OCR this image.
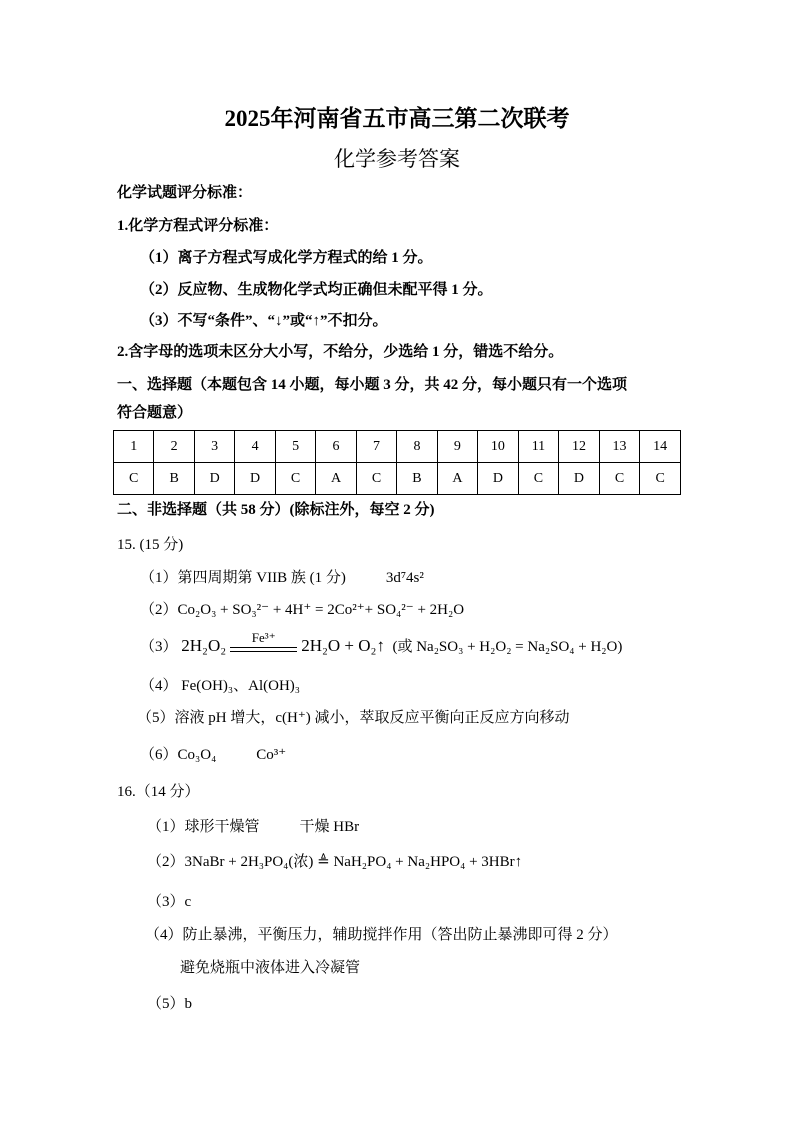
2025年河南省五市高三第二次联考
化学参考答案
化学试题评分标准：
1.化学方程式评分标准：
（1）离子方程式写成化学方程式的给 1 分。
（2）反应物、生成物化学式均正确但未配平得 1 分。
（3）不写“条件”、“↓”或“↑”不扣分。
2.含字母的选项未区分大小写，不给分，少选给 1 分，错选不给分。
一、选择题（本题包含 14 小题，每小题 3 分，共 42 分，每小题只有一个选项
符合题意）
1	2	3	4	5	6	7	8	9	10	11	12	13	14
C	B	D	D	C	A	C	B	A	D	C	D	C	C
二、非选择题（共 58 分）(除标注外，每空 2 分)
15. (15 分)
（1）第四周期第 VIIB 族 (1 分)	3d⁷4s²
（2）Co₂O₃ + SO₃²⁻ + 4H⁺ = 2Co²⁺+ SO₄²⁻ + 2H₂O
（3） 2H₂O₂ Fe³⁺ 2H₂O + O₂↑ (或 Na₂SO₃ + H₂O₂ = Na₂SO₄ + H₂O)
（4） Fe(OH)₃、Al(OH)₃
（5）溶液 pH 增大，c(H⁺) 减小，萃取反应平衡向正反应方向移动
（6）Co₃O₄	Co³⁺
16.（14 分）
（1）球形干燥管	干燥 HBr
（2）3NaBr + 2H₃PO₄(浓) ≜ NaH₂PO₄ + Na₂HPO₄ + 3HBr↑
（3）c
（4）防止暴沸，平衡压力，辅助搅拌作用（答出防止暴沸即可得 2 分）
避免烧瓶中液体进入冷凝管
（5）b
